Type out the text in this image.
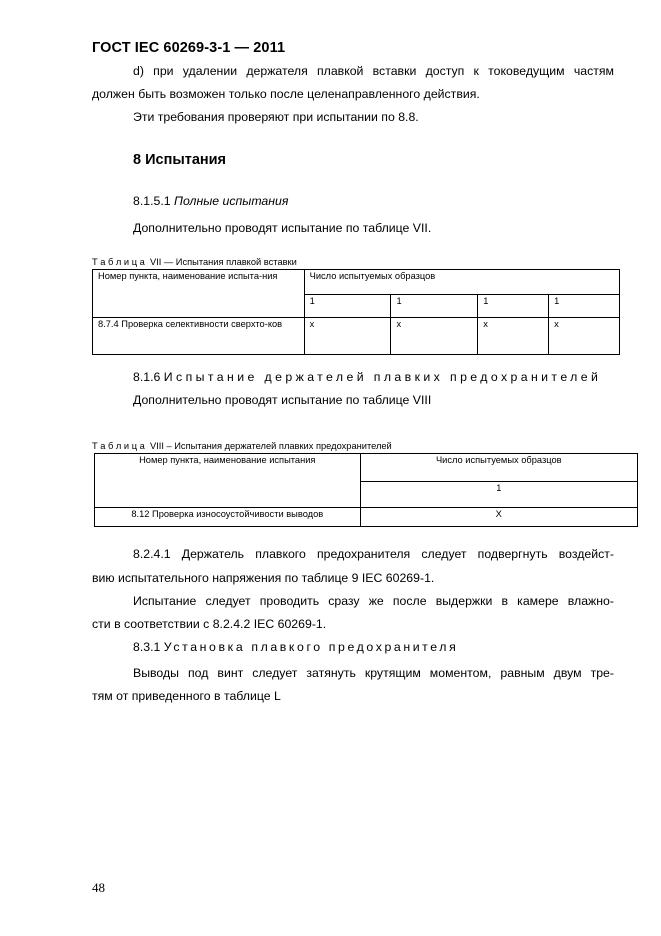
ГОСТ IEC 60269-3-1 — 2011
d) при удалении держателя плавкой вставки доступ к токоведущим частям
должен быть возможен только после целенаправленного действия.
Эти требования проверяют при испытании по 8.8.
8 Испытания
8.1.5.1 Полные испытания
Дополнительно проводят испытание по таблице VII.
Т а б л и ц а VII — Испытания плавкой вставки
Номер пункта, наименование испыта-ния	Число испытуемых образцов			
	1	1	1	1
8.7.4 Проверка селективности сверхто-ков	х	х	х	х
8.1.6 Испытание держателей плавких предохранителей
Дополнительно проводят испытание по таблице VIII
Т а б л и ц а VIII – Испытания держателей плавких предохранителей
Номер пункта, наименование испытания	Число испытуемых образцов
	1
8.12 Проверка износоустойчивости выводов	Х
8.2.4.1 Держатель плавкого предохранителя следует подвергнуть воздейст-
вию испытательного напряжения по таблице 9 IEC 60269-1.
Испытание следует проводить сразу же после выдержки в камере влажно-
сти в соответствии с 8.2.4.2 IEC 60269-1.
8.3.1 Установка плавкого предохранителя
Выводы под винт следует затянуть крутящим моментом, равным двум тре-
тям от приведенного в таблице L
48
